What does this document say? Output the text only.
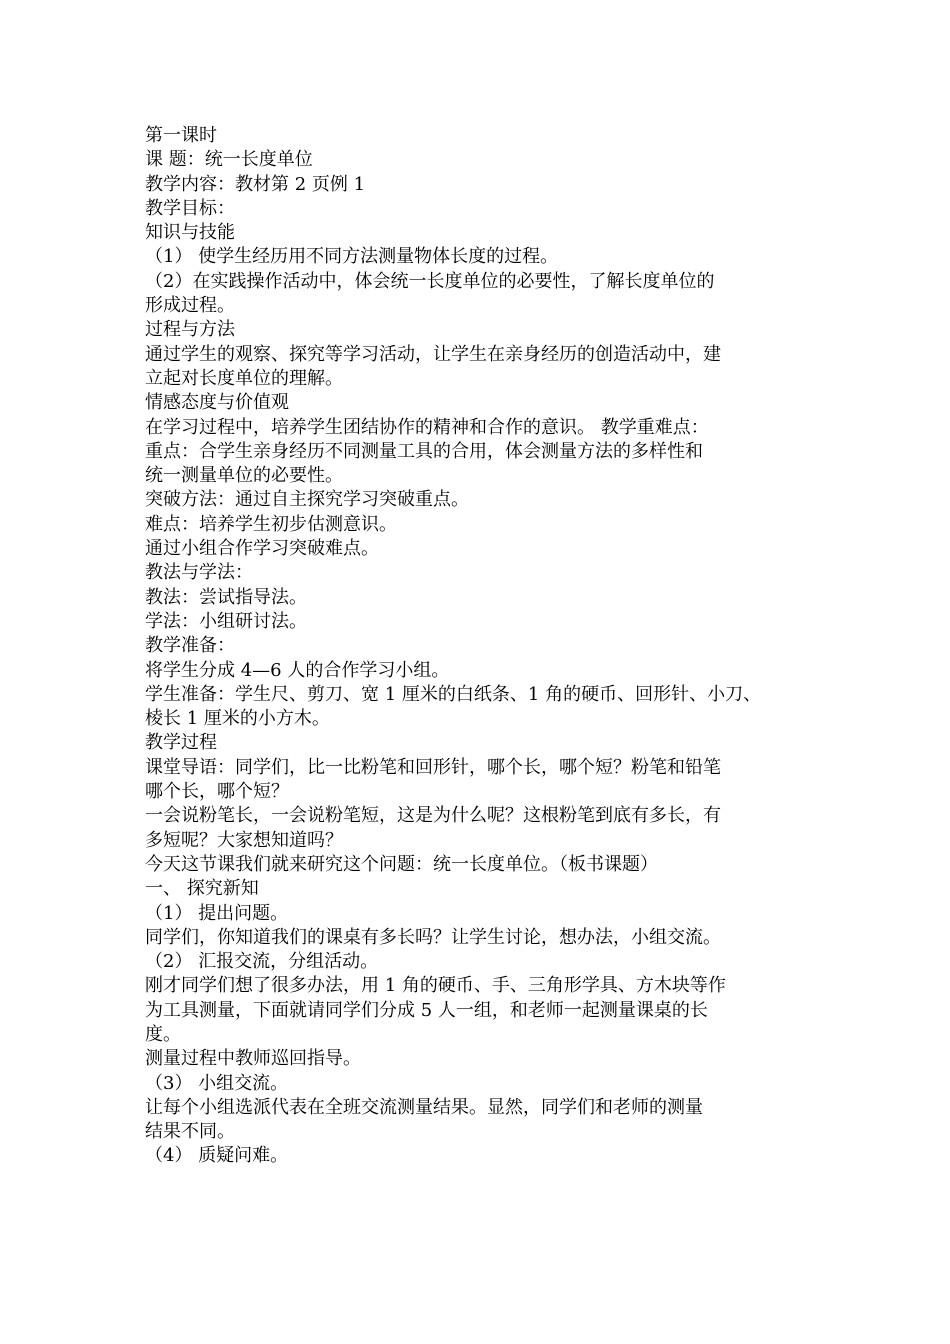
第一课时
课 题：统一长度单位
教学内容：教材第 2 页例 1
教学目标：
知识与技能
（1） 使学生经历用不同方法测量物体长度的过程。
（2）在实践操作活动中，体会统一长度单位的必要性，了解长度单位的
形成过程。
过程与方法
通过学生的观察、探究等学习活动，让学生在亲身经历的创造活动中，建
立起对长度单位的理解。
情感态度与价值观
在学习过程中，培养学生团结协作的精神和合作的意识。 教学重难点：
重点：合学生亲身经历不同测量工具的合用，体会测量方法的多样性和
统一测量单位的必要性。
突破方法：通过自主探究学习突破重点。
难点：培养学生初步估测意识。
通过小组合作学习突破难点。
教法与学法：
教法：尝试指导法。
学法：小组研讨法。
教学准备：
将学生分成 4—6 人的合作学习小组。
学生准备：学生尺、剪刀、宽 1 厘米的白纸条、1 角的硬币、回形针、小刀、
棱长 1 厘米的小方木。
教学过程
课堂导语：同学们，比一比粉笔和回形针，哪个长，哪个短？粉笔和铅笔
哪个长，哪个短？
一会说粉笔长，一会说粉笔短，这是为什么呢？这根粉笔到底有多长，有
多短呢？大家想知道吗？
今天这节课我们就来研究这个问题：统一长度单位。（板书课题）
一、 探究新知
（1） 提出问题。
同学们，你知道我们的课桌有多长吗？让学生讨论，想办法，小组交流。
（2） 汇报交流，分组活动。
刚才同学们想了很多办法，用 1 角的硬币、手、三角形学具、方木块等作
为工具测量，下面就请同学们分成 5 人一组，和老师一起测量课桌的长
度。
测量过程中教师巡回指导。
（3） 小组交流。
让每个小组选派代表在全班交流测量结果。显然，同学们和老师的测量
结果不同。
（4） 质疑问难。
